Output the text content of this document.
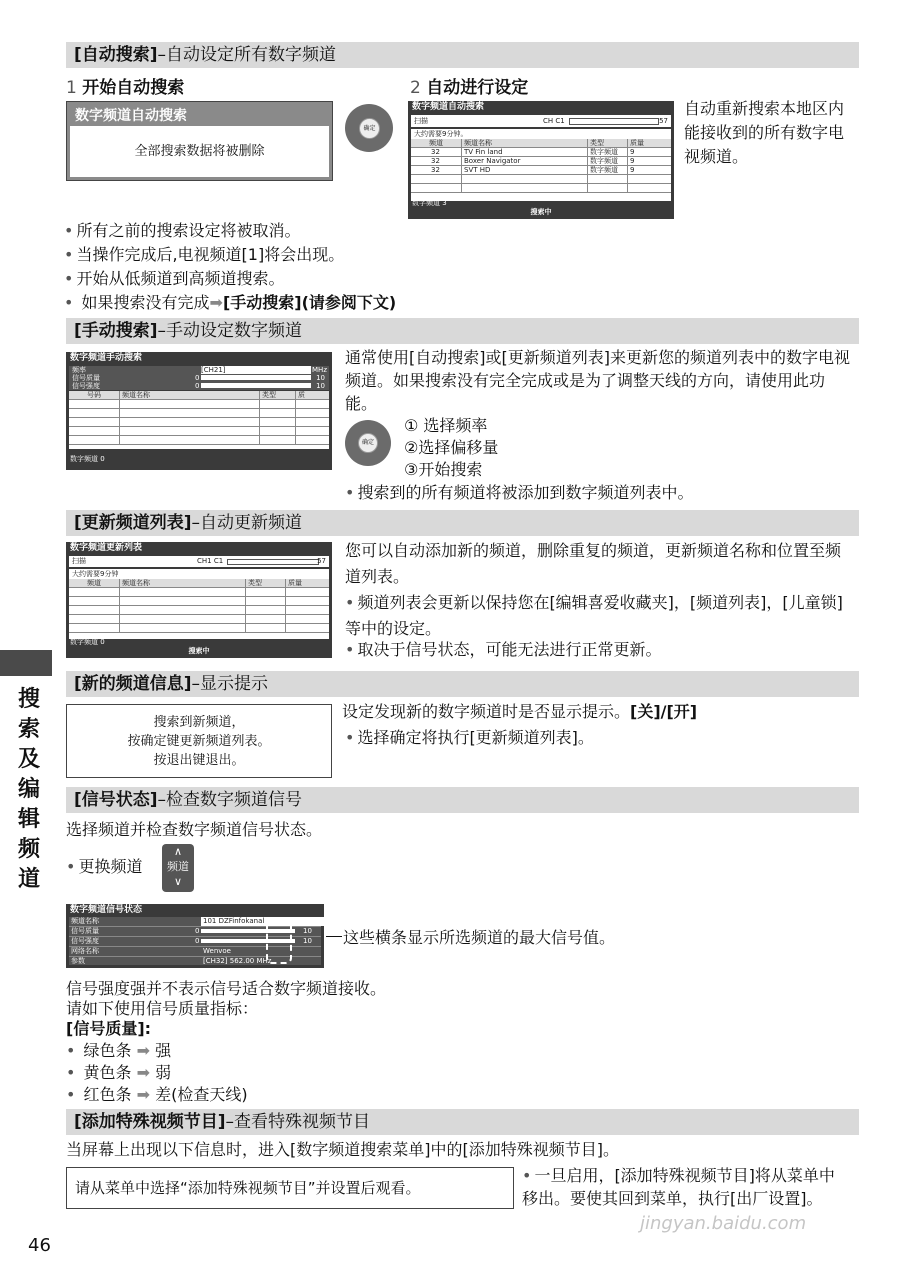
[自动搜索]–自动设定所有数字频道
1 开始自动搜索
数字频道自动搜索
全部搜索数据将被删除
确定
2 自动进行设定
数字频道自动搜索
扫描	CH C1	57
大约需要9分钟。
频道	频道名称	类型	质量
32	TV Fin land	数字频道	9
32	Boxer Navigator	数字频道	9
32	SVT HD	数字频道	9
数字频道 3
搜索中
自动重新搜索本地区内能接收到的所有数字电视频道。
• 所有之前的搜索设定将被取消。
• 当操作完成后,电视频道[1]将会出现。
• 开始从低频道到高频道搜索。
• 如果搜索没有完成➡[手动搜索](请参阅下文)
[手动搜索]–手动设定数字频道
数字频道手动搜索
频率	[CH21]	474.00 MHz
信号质量	0	10
信号强度	0	10
号码	频道名称	类型	质
数字频道 0
通常使用[自动搜索]或[更新频道列表]来更新您的频道列表中的数字电视频道。如果搜索没有完全完成或是为了调整天线的方向，请使用此功能。
确定
① 选择频率
②选择偏移量
③开始搜索
• 搜索到的所有频道将被添加到数字频道列表中。
[更新频道列表]–自动更新频道
数字频道更新列表
扫描	CH1 C1	57
大约需要9分钟
频道	频道名称	类型	质量
数字频道 0
搜索中
您可以自动添加新的频道，删除重复的频道，更新频道名称和位置至频道列表。
• 频道列表会更新以保持您在[编辑喜爱收藏夹]，[频道列表]，[儿童锁]等中的设定。
• 取决于信号状态，可能无法进行正常更新。
[新的频道信息]–显示提示
搜索到新频道，
按确定键更新频道列表。
按退出键退出。
设定发现新的数字频道时是否显示提示。[关]/[开]
• 选择确定将执行[更新频道列表]。
[信号状态]–检查数字频道信号
选择频道并检查数字频道信号状态。
• 更换频道
∧
频道
∨
数字频道信号状态
频道名称	101 DZFinfokanal
信号质量	0	10
信号强度	0	10
网络名称	Wenvoe
参数	[CH32] 562.00 MHz
这些横条显示所选频道的最大信号值。
信号强度强并不表示信号适合数字频道接收。
请如下使用信号质量指标：
[信号质量]:
• 绿色条 ➡ 强
• 黄色条 ➡ 弱
• 红色条 ➡ 差(检查天线)
[添加特殊视频节目]–查看特殊视频节目
当屏幕上出现以下信息时，进入[数字频道搜索菜单]中的[添加特殊视频节目]。
请从菜单中选择“添加特殊视频节目”并设置后观看。
• 一旦启用，[添加特殊视频节目]将从菜单中移出。要使其回到菜单，执行[出厂设置]。
搜
索
及
编
辑
频
道
46
jingyan.baidu.com
